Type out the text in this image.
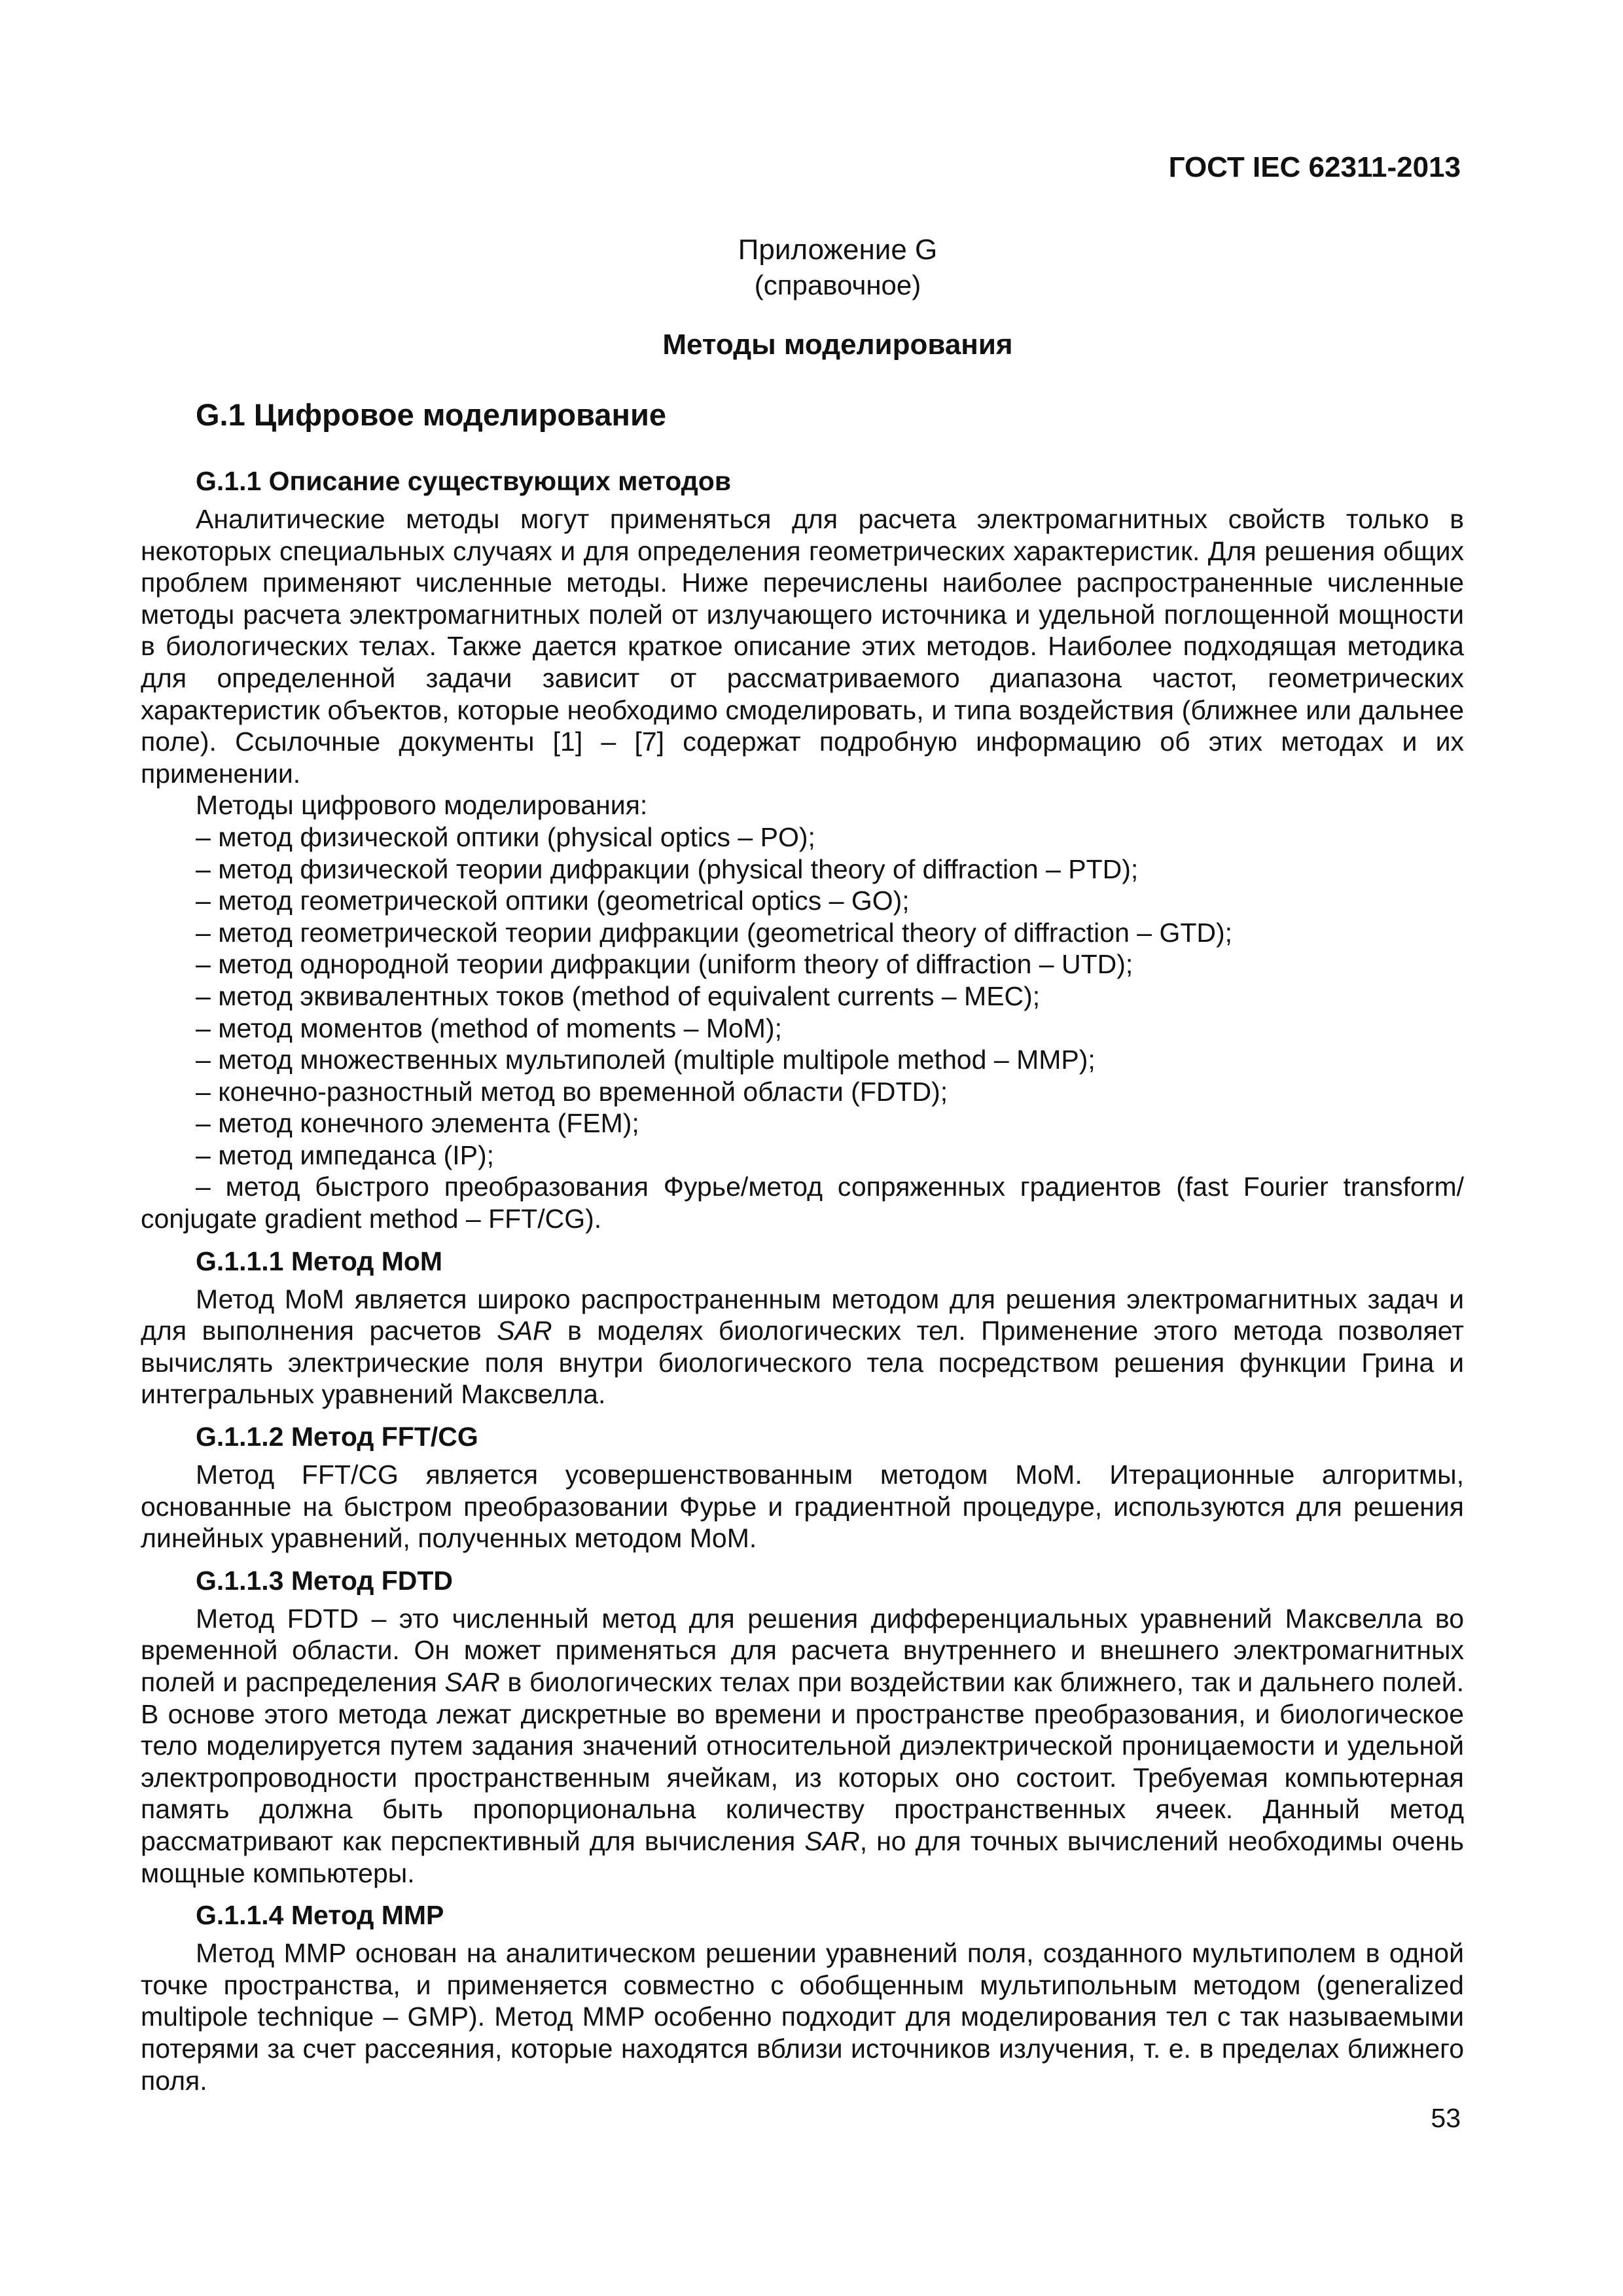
ГОСТ IEC 62311-2013
Приложение G
(справочное)
Методы моделирования
G.1 Цифровое моделирование
G.1.1 Описание существующих методов

Аналитические методы могут применяться для расчета электромагнитных свойств только в некоторых специальных случаях и для определения геометрических характеристик. Для решения общих проблем применяют численные методы. Ниже перечислены наиболее распространенные численные методы расчета электромагнитных полей от излучающего источника и удельной поглощенной мощности в биологических телах. Также дается краткое описание этих методов. Наиболее подходящая методика для определенной задачи зависит от рассматриваемого диапазона частот, геометрических характеристик объектов, которые необходимо смоделировать, и типа воздействия (ближнее или дальнее поле). Ссылочные документы [1] – [7] содержат подробную информацию об этих методах и их применении.

Методы цифрового моделирования:

– метод физической оптики (physical optics – PO);
– метод физической теории дифракции (physical theory of diffraction – PTD);
– метод геометрической оптики (geometrical optics – GO);
– метод геометрической теории дифракции (geometrical theory of diffraction – GTD);
– метод однородной теории дифракции (uniform theory of diffraction – UTD);
– метод эквивалентных токов (method of equivalent currents – MEC);
– метод моментов (method of moments – MoM);
– метод множественных мультиполей (multiple multipole method – MMP);
– конечно-разностный метод во временной области (FDTD);
– метод конечного элемента (FEM);
– метод импеданса (IP);
– метод быстрого преобразования Фурье/метод сопряженных градиентов (fast Fourier transform/ conjugate gradient method – FFT/CG).
G.1.1.1 Метод MoM

Метод MoM является широко распространенным методом для решения электромагнитных задач и для выполнения расчетов SAR в моделях биологических тел. Применение этого метода позволяет вычислять электрические поля внутри биологического тела посредством решения функции Грина и интегральных уравнений Максвелла.

G.1.1.2 Метод FFT/CG

Метод FFT/CG является усовершенствованным методом MoM. Итерационные алгоритмы, основанные на быстром преобразовании Фурье и градиентной процедуре, используются для решения линейных уравнений, полученных методом MoM.

G.1.1.3 Метод FDTD

Метод FDTD – это численный метод для решения дифференциальных уравнений Максвелла во временной области. Он может применяться для расчета внутреннего и внешнего электромагнитных полей и распределения SAR в биологических телах при воздействии как ближнего, так и дальнего полей. В основе этого метода лежат дискретные во времени и пространстве преобразования, и биологическое тело моделируется путем задания значений относительной диэлектрической проницаемости и удельной электропроводности пространственным ячейкам, из которых оно состоит. Требуемая компьютерная память должна быть пропорциональна количеству пространственных ячеек. Данный метод рассматривают как перспективный для вычисления SAR, но для точных вычислений необходимы очень мощные компьютеры.

G.1.1.4 Метод MMP

Метод MMP основан на аналитическом решении уравнений поля, созданного мультиполем в одной точке пространства, и применяется совместно с обобщенным мультипольным методом (generalized multipole technique – GMP). Метод MMP особенно подходит для моделирования тел с так называемыми потерями за счет рассеяния, которые находятся вблизи источников излучения, т. е. в пределах ближнего поля.

53
